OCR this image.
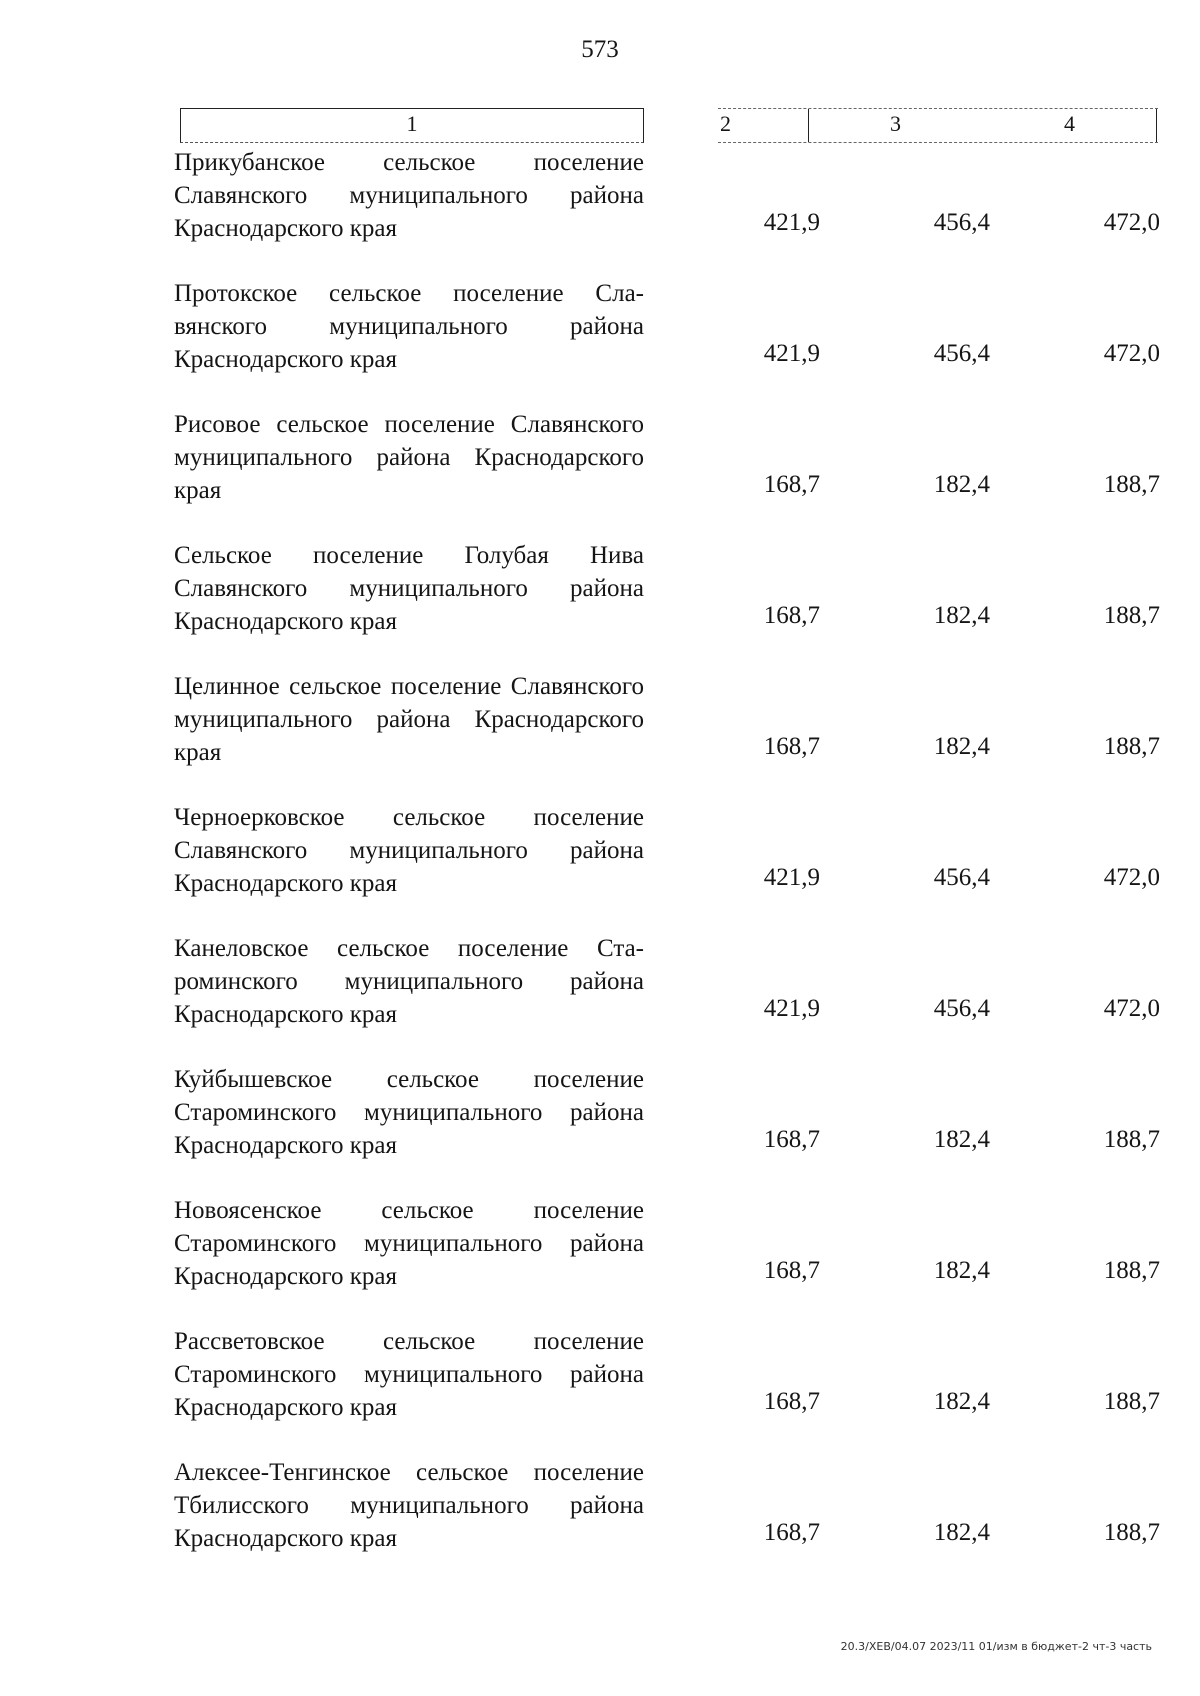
573
1	2	3	4
Прикубанское сельское поселение Славянского муниципального района Краснодарского края	421,9	456,4	472,0
Протокское сельское поселение Славянского муниципального района Краснодарского края	421,9	456,4	472,0
Рисовое сельское поселение Славянского муниципального района Краснодарского края	168,7	182,4	188,7
Сельское поселение Голубая Нива Славянского муниципального района Краснодарского края	168,7	182,4	188,7
Целинное сельское поселение Славянского муниципального района Краснодарского края	168,7	182,4	188,7
Черноерковское сельское поселение Славянского муниципального района Краснодарского края	421,9	456,4	472,0
Канеловское сельское поселение Староминского муниципального района Краснодарского края	421,9	456,4	472,0
Куйбышевское сельское поселение Староминского муниципального района Краснодарского края	168,7	182,4	188,7
Новоясенское сельское поселение Староминского муниципального района Краснодарского края	168,7	182,4	188,7
Рассветовское сельское поселение Староминского муниципального района Краснодарского края	168,7	182,4	188,7
Алексее-Тенгинское сельское поселение Тбилисского муниципального района Краснодарского края	168,7	182,4	188,7
20.3/XEB/04.07 2023/11 01/изм в бюджет-2 чт-3 часть
